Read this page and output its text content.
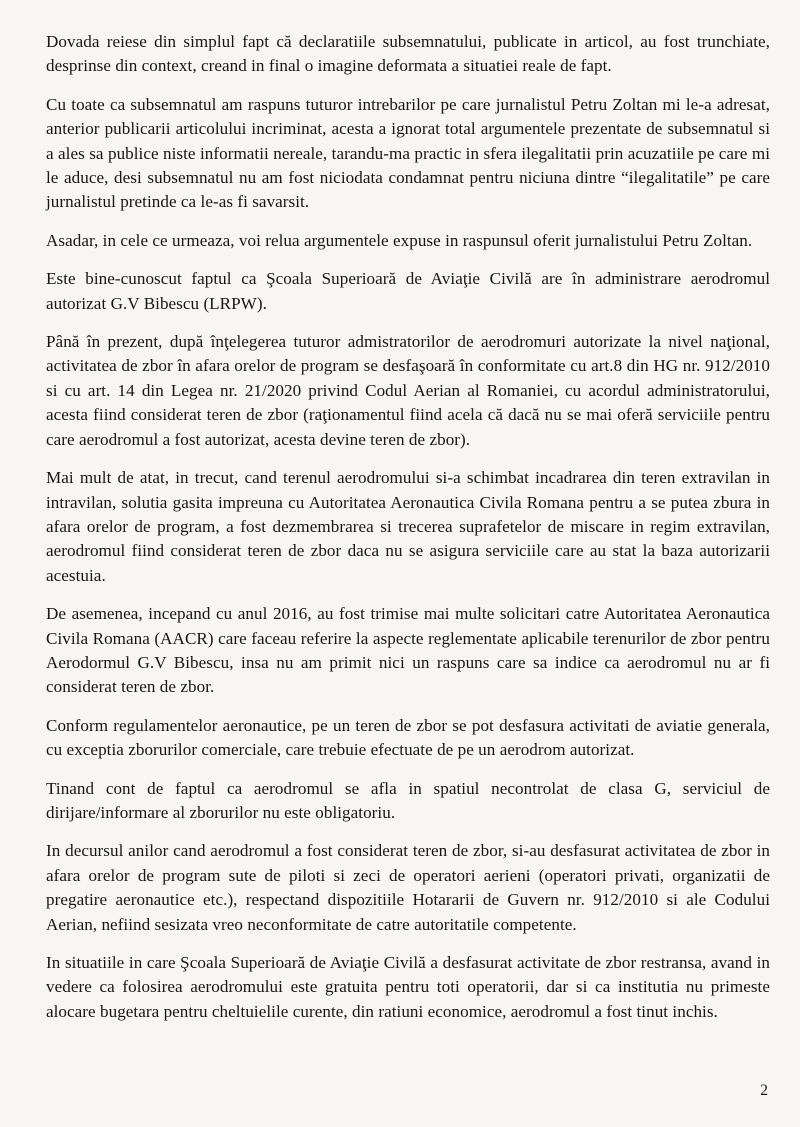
Dovada reiese din simplul fapt că declaratiile subsemnatului, publicate in articol, au fost trunchiate, desprinse din context, creand in final o imagine deformata a situatiei reale de fapt.

Cu toate ca subsemnatul am raspuns tuturor intrebarilor pe care jurnalistul Petru Zoltan mi le-a adresat, anterior publicarii articolului incriminat, acesta a ignorat total argumentele prezentate de subsemnatul si a ales sa publice niste informatii nereale, tarandu-ma practic in sfera ilegalitatii prin acuzatiile pe care mi le aduce, desi subsemnatul nu am fost niciodata condamnat pentru niciuna dintre “ilegalitatile” pe care jurnalistul pretinde ca le-as fi savarsit.

Asadar, in cele ce urmeaza, voi relua argumentele expuse in raspunsul oferit jurnalistului Petru Zoltan.

Este bine-cunoscut faptul ca Şcoala Superioară de Aviaţie Civilă are în administrare aerodromul autorizat G.V Bibescu (LRPW).

Până în prezent, după înţelegerea tuturor admistratorilor de aerodromuri autorizate la nivel naţional, activitatea de zbor în afara orelor de program se desfaşoară în conformitate cu art.8 din HG nr. 912/2010 si cu art. 14 din Legea nr. 21/2020 privind Codul Aerian al Romaniei, cu acordul administratorului, acesta fiind considerat teren de zbor (raţionamentul fiind acela că dacă nu se mai oferă serviciile pentru care aerodromul a fost autorizat, acesta devine teren de zbor).

Mai mult de atat, in trecut, cand terenul aerodromului si-a schimbat incadrarea din teren extravilan in intravilan, solutia gasita impreuna cu Autoritatea Aeronautica Civila Romana pentru a se putea zbura in afara orelor de program, a fost dezmembrarea si trecerea suprafetelor de miscare in regim extravilan, aerodromul fiind considerat teren de zbor daca nu se asigura serviciile care au stat la baza autorizarii acestuia.

De asemenea, incepand cu anul 2016, au fost trimise mai multe solicitari catre Autoritatea Aeronautica Civila Romana (AACR) care faceau referire la aspecte reglementate aplicabile terenurilor de zbor pentru Aerodormul G.V Bibescu, insa nu am primit nici un raspuns care sa indice ca aerodromul nu ar fi considerat teren de zbor.

Conform regulamentelor aeronautice, pe un teren de zbor se pot desfasura activitati de aviatie generala, cu exceptia zborurilor comerciale, care trebuie efectuate de pe un aerodrom autorizat.

Tinand cont de faptul ca aerodromul se afla in spatiul necontrolat de clasa G, serviciul de dirijare/informare al zborurilor nu este obligatoriu.

In decursul anilor cand aerodromul a fost considerat teren de zbor, si-au desfasurat activitatea de zbor in afara orelor de program sute de piloti si zeci de operatori aerieni (operatori privati, organizatii de pregatire aeronautice etc.), respectand dispozitiile Hotararii de Guvern nr. 912/2010 si ale Codului Aerian, nefiind sesizata vreo neconformitate de catre autoritatile competente.

In situatiile in care Şcoala Superioară de Aviaţie Civilă a desfasurat activitate de zbor restransa, avand in vedere ca folosirea aerodromului este gratuita pentru toti operatorii, dar si ca institutia nu primeste alocare bugetara pentru cheltuielile curente, din ratiuni economice, aerodromul a fost tinut inchis.

2
